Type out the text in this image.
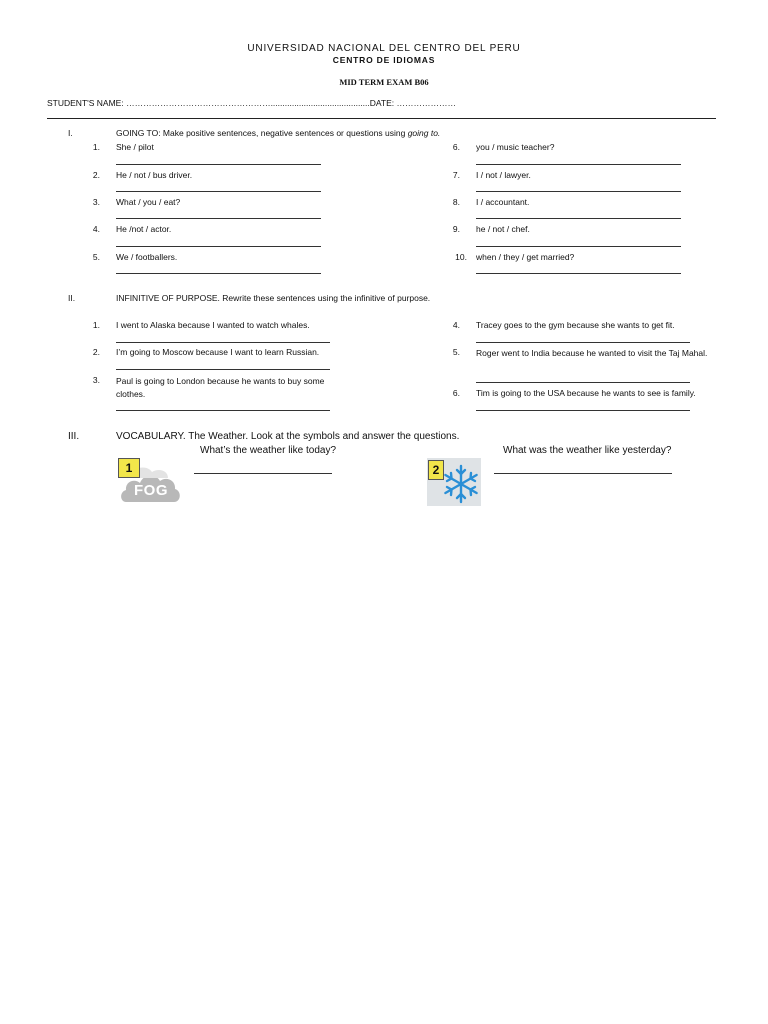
UNIVERSIDAD NACIONAL DEL CENTRO DEL PERU
CENTRO DE IDIOMAS
MID TERM EXAM B06
STUDENT'S NAME: ……………………………………………..........................................DATE: …………………
I.	GOING TO: Make positive sentences, negative sentences or questions using going to.
1. She / pilot
2. He / not / bus driver.
3. What / you / eat?
4. He /not / actor.
5. We / footballers.
6. you / music teacher?
7. I / not / lawyer.
8. I / accountant.
9. he / not / chef.
10. when / they / get married?
II.	INFINITIVE OF PURPOSE. Rewrite these sentences using the infinitive of purpose.
1. I went to Alaska because I wanted to watch whales.
2. I’m going to Moscow because I want to learn Russian.
3. Paul is going to London because he wants to buy some clothes.
4. Tracey goes to the gym because she wants to get fit.
5. Roger went to India because he wanted to visit the Taj Mahal.
6. Tim is going to the USA because he wants to see is family.
III.	VOCABULARY. The Weather. Look at the symbols and answer the questions.
What’s the weather like today?	What was the weather like yesterday?
1
FOG
2
